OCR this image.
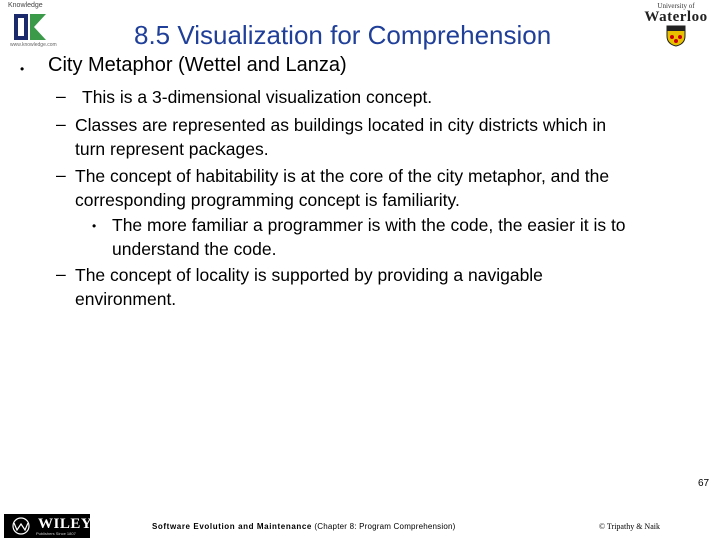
Knowledge
www.knowledge.com
University of
Waterloo
8.5 Visualization for Comprehension
• City Metaphor (Wettel and Lanza)
– This is a 3-dimensional visualization concept.
– Classes are represented as buildings located in city districts which in
turn represent packages.
– The concept of habitability is at the core of the city metaphor, and the
corresponding programming concept is familiarity.
• The more familiar a programmer is with the code, the easier it is to
understand the code.
– The concept of locality is supported by providing a navigable
environment.
67
WILEY
Publishers Since 1807
Software Evolution and Maintenance (Chapter 8: Program Comprehension)	© Tripathy & Naik
